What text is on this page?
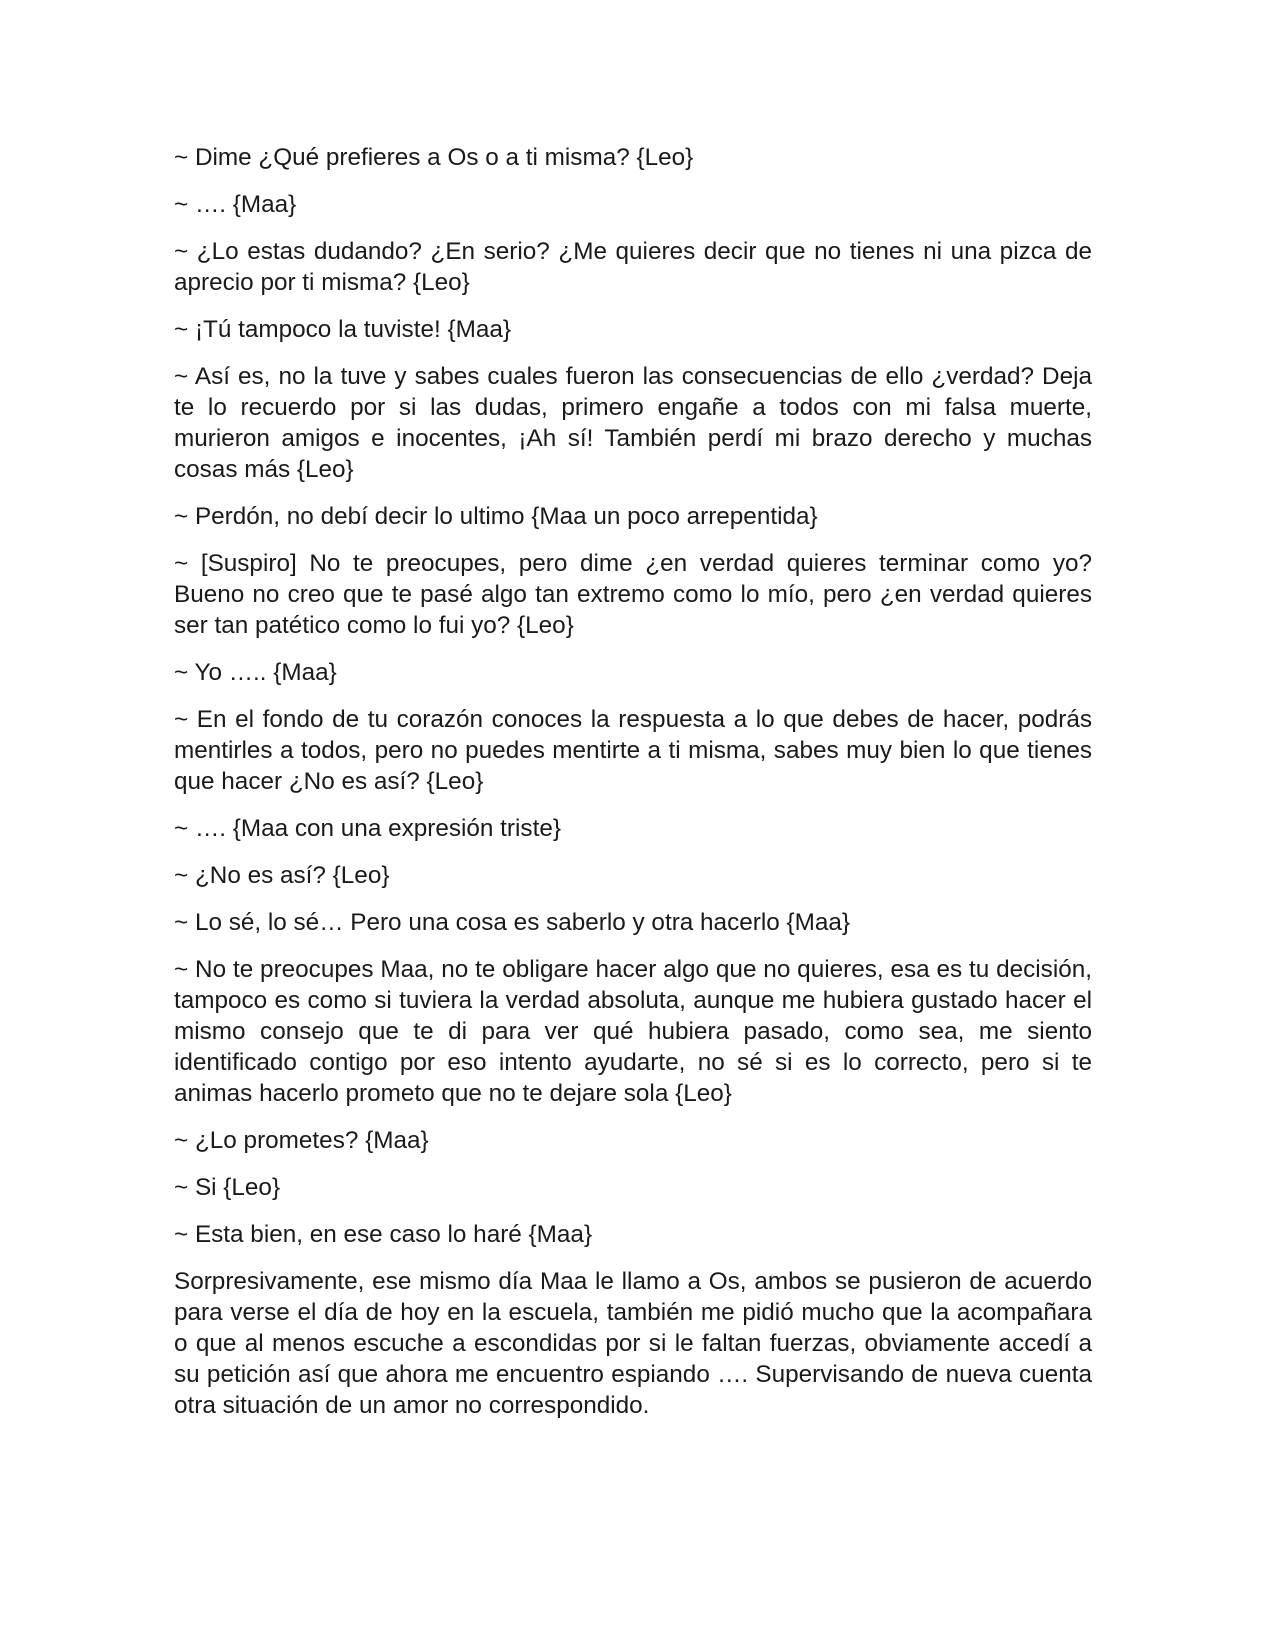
~ Dime ¿Qué prefieres a Os o a ti misma? {Leo}

~ …. {Maa}

~ ¿Lo estas dudando? ¿En serio? ¿Me quieres decir que no tienes ni una pizca de aprecio por ti misma? {Leo}

~ ¡Tú tampoco la tuviste! {Maa}

~ Así es, no la tuve y sabes cuales fueron las consecuencias de ello ¿verdad? Deja te lo recuerdo por si las dudas, primero engañe a todos con mi falsa muerte, murieron amigos e inocentes, ¡Ah sí! También perdí mi brazo derecho y muchas cosas más {Leo}

~ Perdón, no debí decir lo ultimo {Maa un poco arrepentida}

~ [Suspiro] No te preocupes, pero dime ¿en verdad quieres terminar como yo? Bueno no creo que te pasé algo tan extremo como lo mío, pero ¿en verdad quieres ser tan patético como lo fui yo? {Leo}

~ Yo ….. {Maa}

~ En el fondo de tu corazón conoces la respuesta a lo que debes de hacer, podrás mentirles a todos, pero no puedes mentirte a ti misma, sabes muy bien lo que tienes que hacer ¿No es así? {Leo}

~ …. {Maa con una expresión triste}

~ ¿No es así? {Leo}

~ Lo sé, lo sé… Pero una cosa es saberlo y otra hacerlo {Maa}

~ No te preocupes Maa, no te obligare hacer algo que no quieres, esa es tu decisión, tampoco es como si tuviera la verdad absoluta, aunque me hubiera gustado hacer el mismo consejo que te di para ver qué hubiera pasado, como sea, me siento identificado contigo por eso intento ayudarte, no sé si es lo correcto, pero si te animas hacerlo prometo que no te dejare sola {Leo}

~ ¿Lo prometes? {Maa}

~ Si {Leo}

~ Esta bien, en ese caso lo haré {Maa}

Sorpresivamente, ese mismo día Maa le llamo a Os, ambos se pusieron de acuerdo para verse el día de hoy en la escuela, también me pidió mucho que la acompañara o que al menos escuche a escondidas por si le faltan fuerzas, obviamente accedí a su petición así que ahora me encuentro espiando …. Supervisando de nueva cuenta otra situación de un amor no correspondido.
